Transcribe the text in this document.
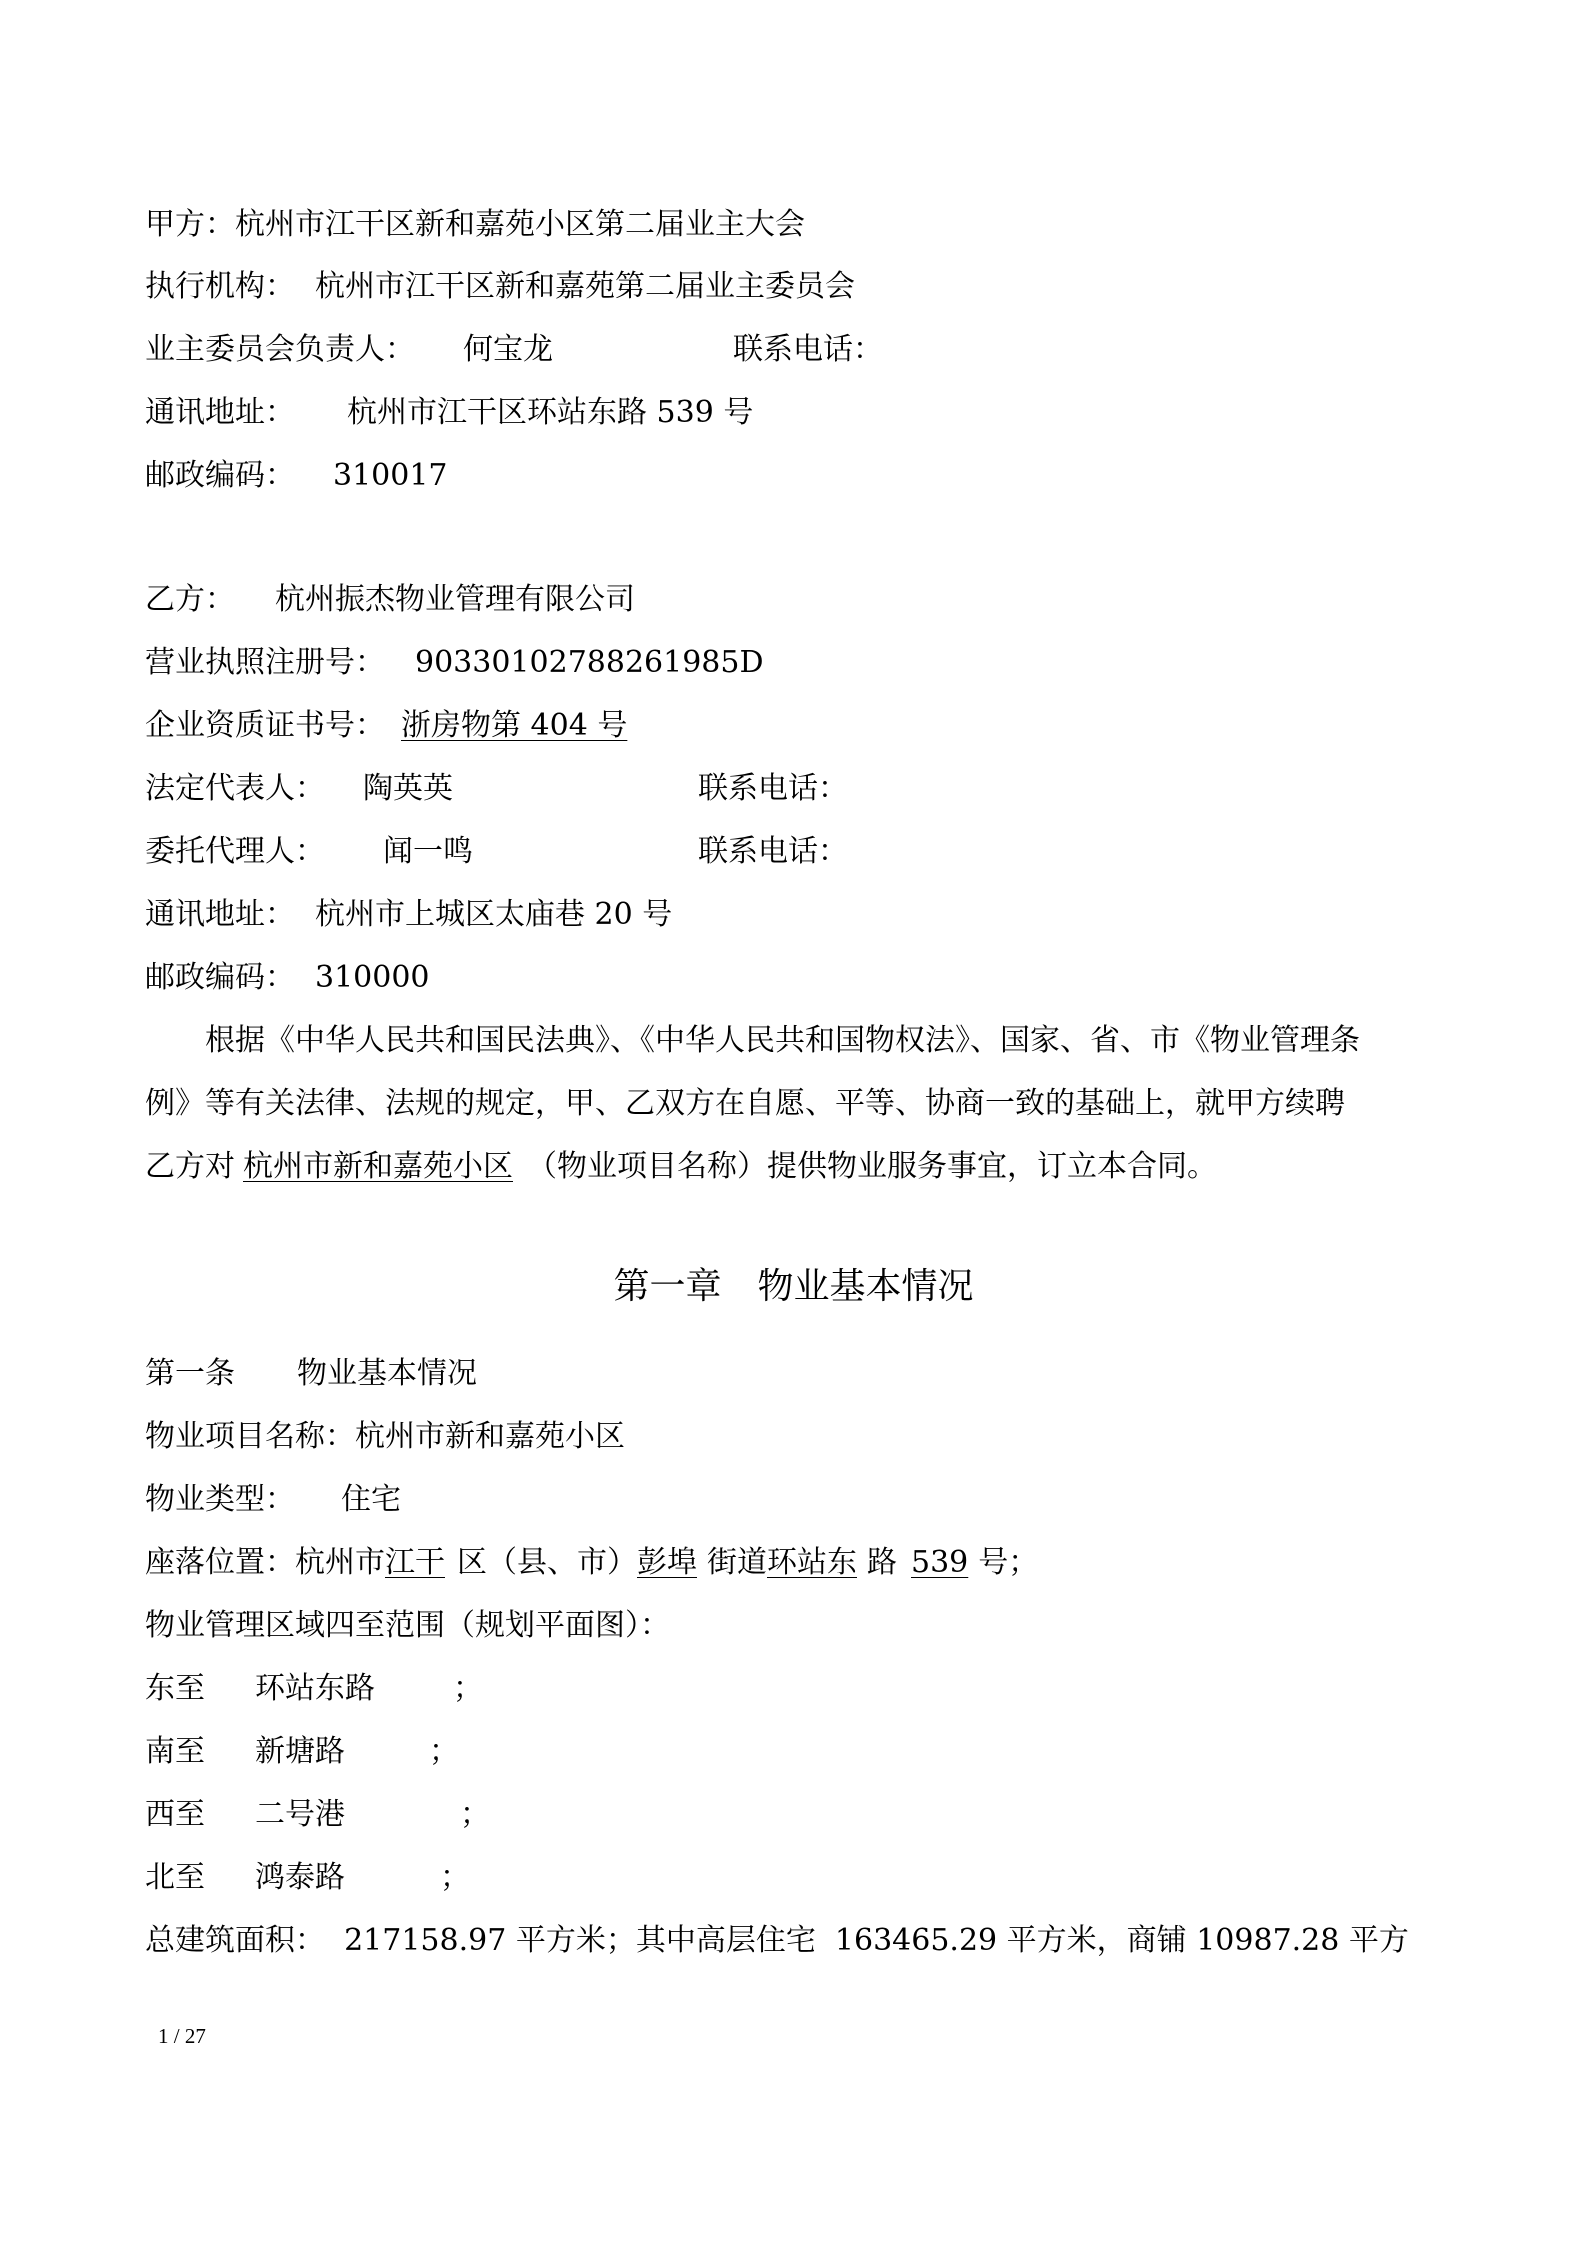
甲方：杭州市江干区新和嘉苑小区第二届业主大会
执行机构： 杭州市江干区新和嘉苑第二届业主委员会
业主委员会负责人： 何宝龙	联系电话：
通讯地址： 杭州市江干区环站东路 539 号
邮政编码： 310017
乙方： 杭州振杰物业管理有限公司
营业执照注册号： 90330102788261985D
企业资质证书号： 浙房物第 404 号
法定代表人： 陶英英	联系电话：
委托代理人： 闻一鸣	联系电话：
通讯地址： 杭州市上城区太庙巷 20 号
邮政编码： 310000
根据《中华人民共和国民法典》、《中华人民共和国物权法》、国家、省、市《物业管理条
例》等有关法律、法规的规定，甲、乙双方在自愿、平等、协商一致的基础上，就甲方续聘
乙方对 杭州市新和嘉苑小区 （物业项目名称）提供物业服务事宜，订立本合同。
第一章　物业基本情况
第一条 物业基本情况
物业项目名称：杭州市新和嘉苑小区
物业类型： 住宅
座落位置：杭州市江干 区（县、市）彭埠 街道环站东 路 539 号；
物业管理区域四至范围（规划平面图）：
东至 环站东路	；
南至 新塘路	；
西至 二号港	；
北至 鸿泰路	；
总建筑面积：  217158.97 平方米；其中高层住宅  163465.29 平方米，商铺 10987.28 平方
1 / 27
